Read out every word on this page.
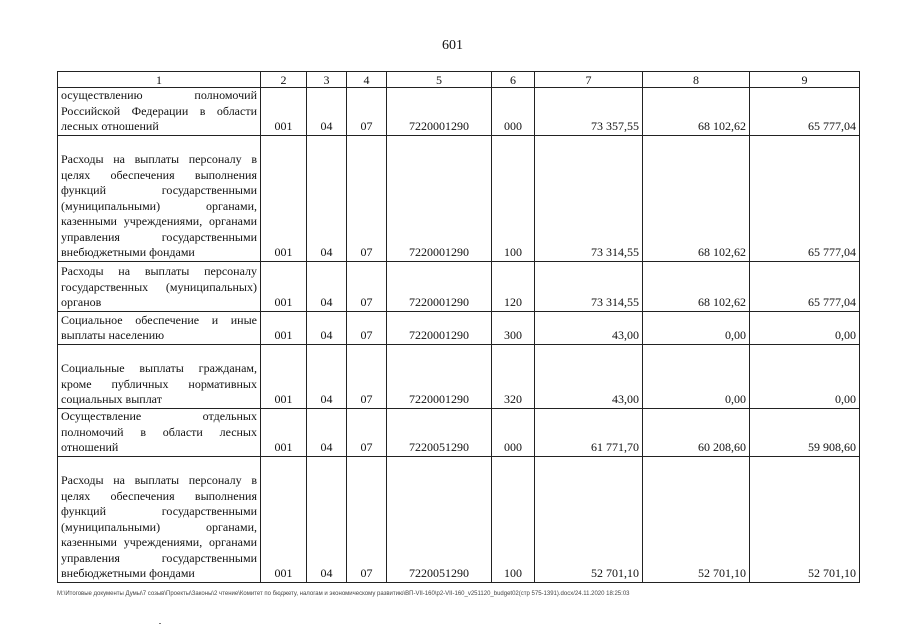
601
1	2	3	4	5	6	7	8	9
осуществлению полномочий Российской Федерации в области лесных отношений	001	04	07	7220001290	000	73 357,55	68 102,62	65 777,04
Расходы на выплаты персоналу в целях обеспечения выполнения функций государственными (муниципальными) органами, казенными учреждениями, органами управления государственными внебюджетными фондами	001	04	07	7220001290	100	73 314,55	68 102,62	65 777,04
Расходы на выплаты персоналу государственных (муниципальных) органов	001	04	07	7220001290	120	73 314,55	68 102,62	65 777,04
Социальное обеспечение и иные выплаты населению	001	04	07	7220001290	300	43,00	0,00	0,00
Социальные выплаты гражданам, кроме публичных нормативных социальных выплат	001	04	07	7220001290	320	43,00	0,00	0,00
Осуществление отдельных полномочий в области лесных отношений	001	04	07	7220051290	000	61 771,70	60 208,60	59 908,60
Расходы на выплаты персоналу в целях обеспечения выполнения функций государственными (муниципальными) органами, казенными учреждениями, органами управления государственными внебюджетными фондами	001	04	07	7220051290	100	52 701,10	52 701,10	52 701,10
M:\Итоговые документы Думы\7 созыв\Проекты\Законы\2 чтение\Комитет по бюджету, налогам и экономическому развитию\ВП-VII-160\р2-VII-160_v251120_budget02(стр 575-1391).docx/24.11.2020 18:25:03
